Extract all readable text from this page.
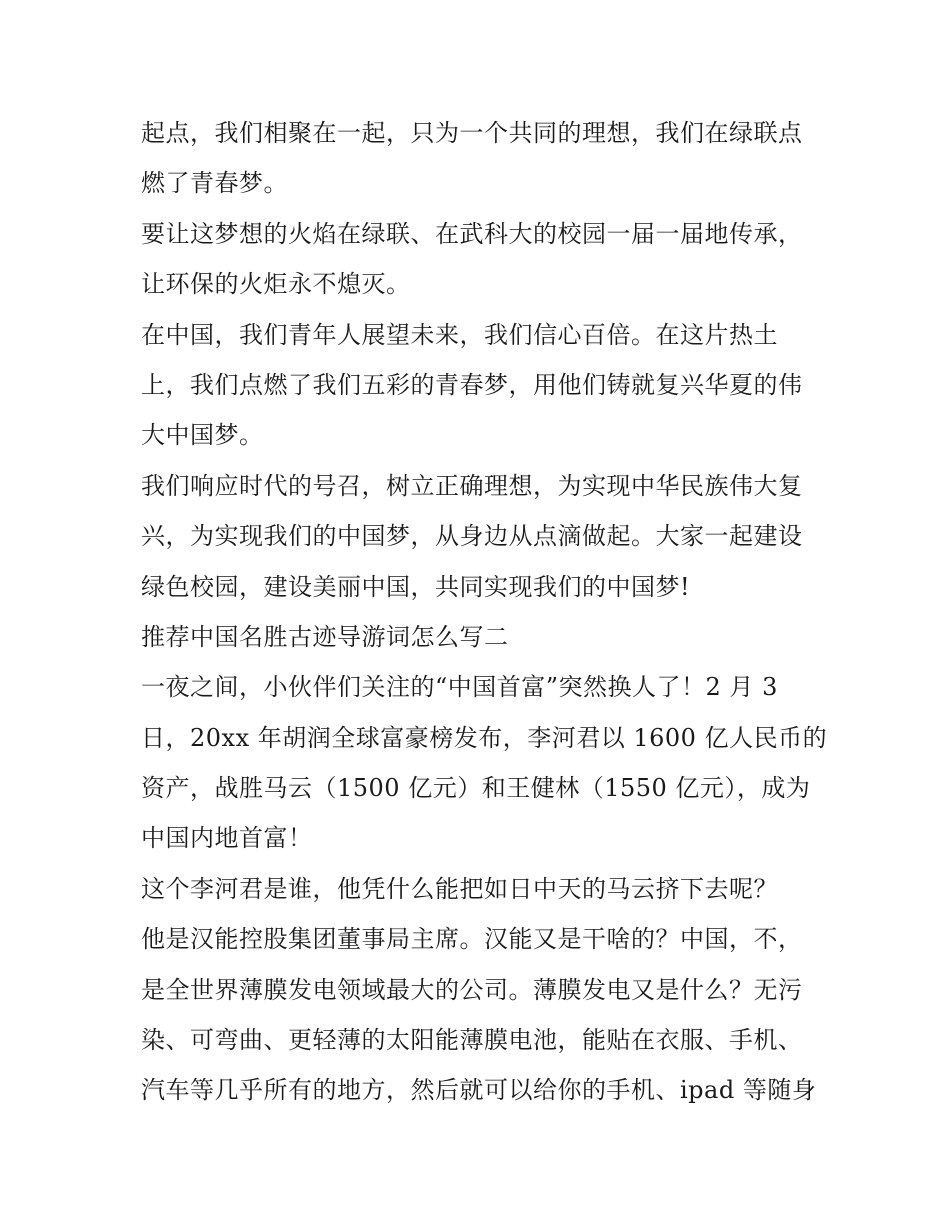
起点，我们相聚在一起，只为一个共同的理想，我们在绿联点
燃了青春梦。
要让这梦想的火焰在绿联、在武科大的校园一届一届地传承，
让环保的火炬永不熄灭。
在中国，我们青年人展望未来，我们信心百倍。在这片热土
上，我们点燃了我们五彩的青春梦，用他们铸就复兴华夏的伟
大中国梦。
我们响应时代的号召，树立正确理想，为实现中华民族伟大复
兴，为实现我们的中国梦，从身边从点滴做起。大家一起建设
绿色校园，建设美丽中国，共同实现我们的中国梦!
推荐中国名胜古迹导游词怎么写二
一夜之间，小伙伴们关注的“中国首富”突然换人了！2 月 3
日，20xx 年胡润全球富豪榜发布，李河君以 1600 亿人民币的
资产，战胜马云（1500 亿元）和王健林（1550 亿元），成为
中国内地首富！
这个李河君是谁，他凭什么能把如日中天的马云挤下去呢？
他是汉能控股集团董事局主席。汉能又是干啥的？中国，不，
是全世界薄膜发电领域最大的公司。薄膜发电又是什么？无污
染、可弯曲、更轻薄的太阳能薄膜电池，能贴在衣服、手机、
汽车等几乎所有的地方，然后就可以给你的手机、ipad 等随身
